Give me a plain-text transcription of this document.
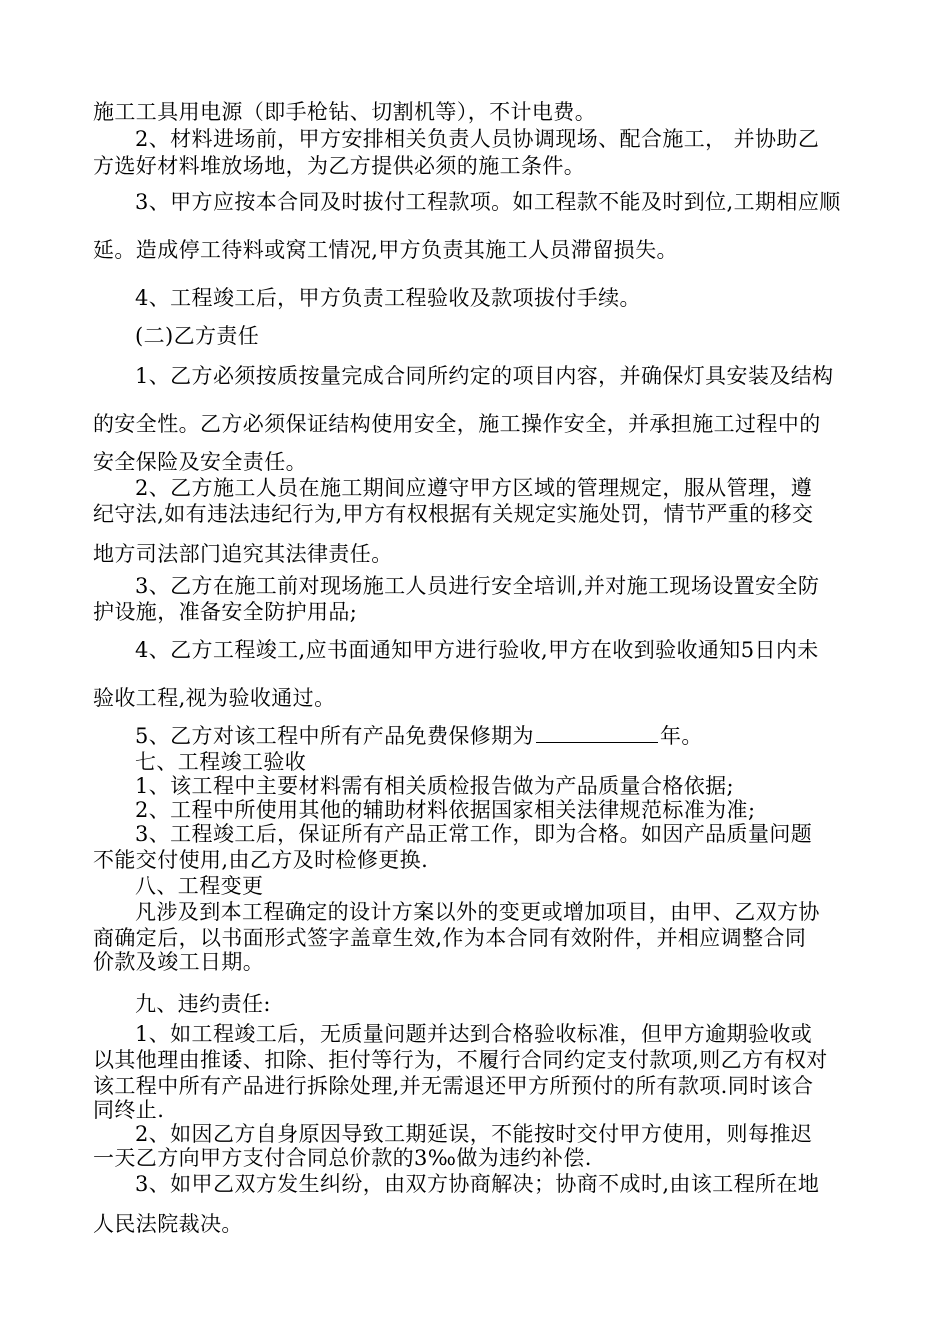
施工工具用电源（即手枪钻、切割机等），不计电费。
2、材料进场前，甲方安排相关负责人员协调现场、配合施工， 并协助乙
方选好材料堆放场地，为乙方提供必须的施工条件。
3、甲方应按本合同及时拔付工程款项。如工程款不能及时到位,工期相应顺
延。造成停工待料或窝工情况,甲方负责其施工人员滞留损失。
4、工程竣工后，甲方负责工程验收及款项拔付手续。
(二)乙方责任
1、乙方必须按质按量完成合同所约定的项目内容，并确保灯具安装及结构
的安全性。乙方必须保证结构使用安全，施工操作安全，并承担施工过程中的
安全保险及安全责任。
2、乙方施工人员在施工期间应遵守甲方区域的管理规定，服从管理，遵
纪守法,如有违法违纪行为,甲方有权根据有关规定实施处罚，情节严重的移交
地方司法部门追究其法律责任。
3、乙方在施工前对现场施工人员进行安全培训,并对施工现场设置安全防
护设施，准备安全防护用品;
4、乙方工程竣工,应书面通知甲方进行验收,甲方在收到验收通知5日内未
验收工程,视为验收通过。
5、乙方对该工程中所有产品免费保修期为	年。
七、工程竣工验收
1、该工程中主要材料需有相关质检报告做为产品质量合格依据;
2、工程中所使用其他的辅助材料依据国家相关法律规范标准为准;
3、工程竣工后，保证所有产品正常工作，即为合格。如因产品质量问题
不能交付使用,由乙方及时检修更换.
八、工程变更
凡涉及到本工程确定的设计方案以外的变更或增加项目，由甲、乙双方协
商确定后，以书面形式签字盖章生效,作为本合同有效附件，并相应调整合同
价款及竣工日期。
九、违约责任:
1、如工程竣工后，无质量问题并达到合格验收标准，但甲方逾期验收或
以其他理由推诿、扣除、拒付等行为，不履行合同约定支付款项,则乙方有权对
该工程中所有产品进行拆除处理,并无需退还甲方所预付的所有款项.同时该合
同终止.
2、如因乙方自身原因导致工期延误，不能按时交付甲方使用，则每推迟
一天乙方向甲方支付合同总价款的3‰做为违约补偿.
3、如甲乙双方发生纠纷，由双方协商解决；协商不成时,由该工程所在地
人民法院裁决。
